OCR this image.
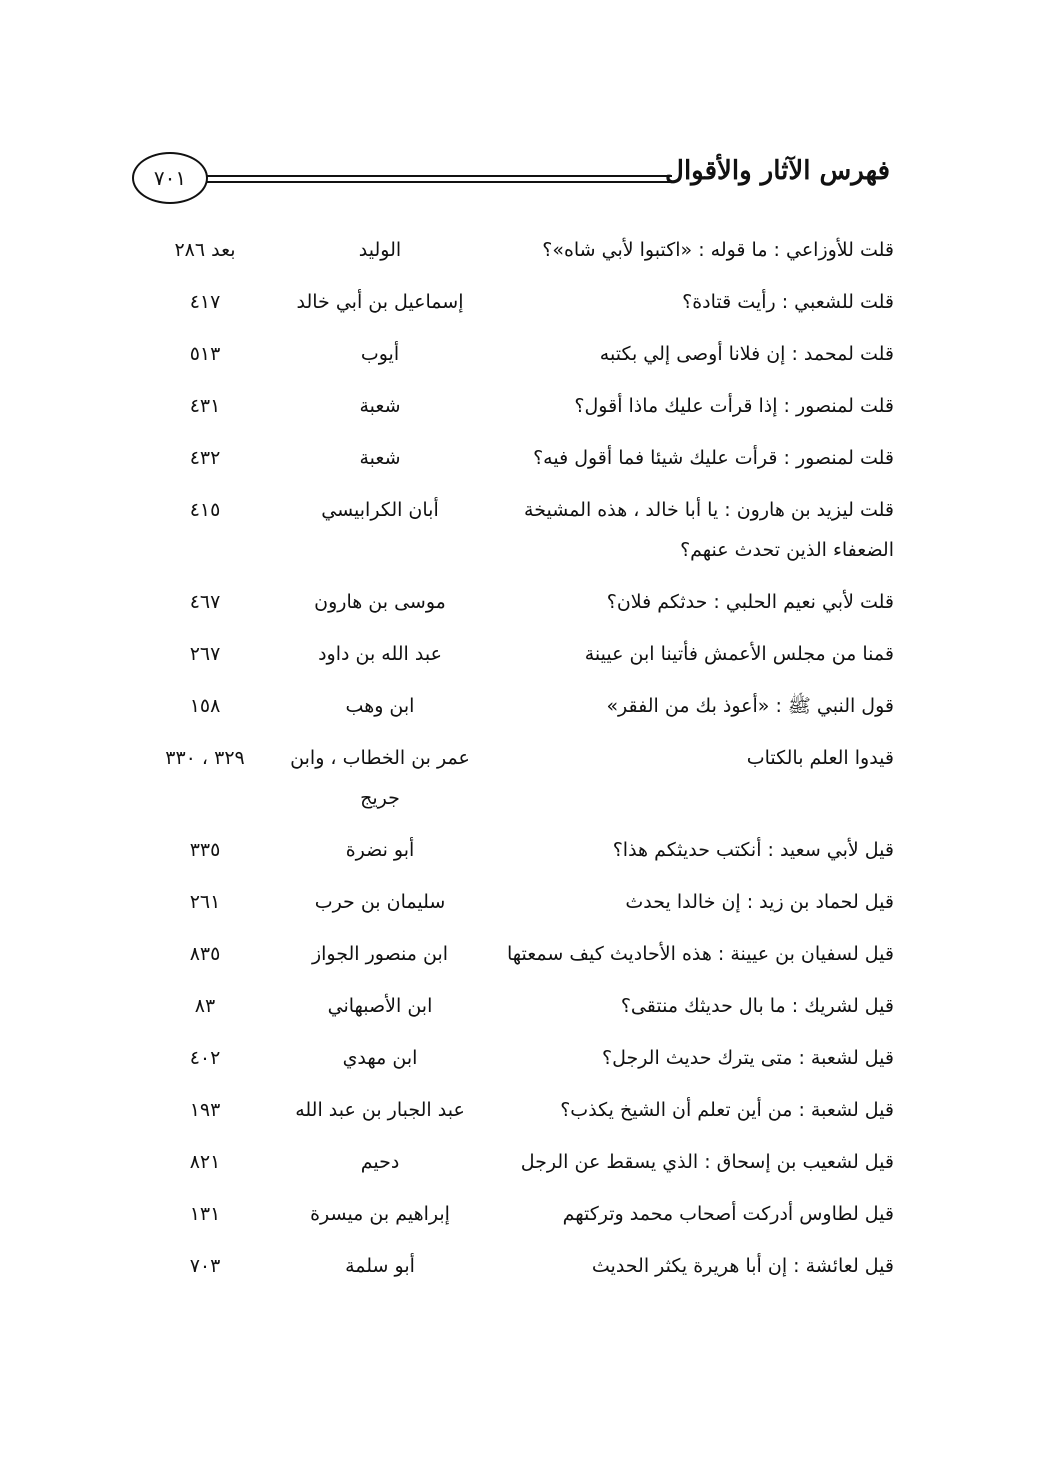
٧٠١	فهرس الآثار والأقوال
قلت للأوزاعي : ما قوله : «اكتبوا لأبي شاه»؟
الوليد
بعد ٢٨٦
قلت للشعبي : رأيت قتادة؟
إسماعيل بن أبي خالد
٤١٧
قلت لمحمد : إن فلانا أوصى إلي بكتبه
أيوب
٥١٣
قلت لمنصور : إذا قرأت عليك ماذا أقول؟
شعبة
٤٣١
قلت لمنصور : قرأت عليك شيئا فما أقول فيه؟
شعبة
٤٣٢
قلت ليزيد بن هارون : يا أبا خالد ، هذه المشيخة الضعفاء الذين تحدث عنهم؟
أبان الكرابيسي
٤١٥
قلت لأبي نعيم الحلبي : حدثكم فلان؟
موسى بن هارون
٤٦٧
قمنا من مجلس الأعمش فأتينا ابن عيينة
عبد الله بن داود
٢٦٧
قول النبي ﷺ : «أعوذ بك من الفقر»
ابن وهب
١٥٨
قيدوا العلم بالكتاب
عمر بن الخطاب ، وابن جريج
٣٢٩ ، ٣٣٠
قيل لأبي سعيد : أنكتب حديثكم هذا؟
أبو نضرة
٣٣٥
قيل لحماد بن زيد : إن خالدا يحدث
سليمان بن حرب
٢٦١
قيل لسفيان بن عيينة : هذه الأحاديث كيف سمعتها
ابن منصور الجواز
٨٣٥
قيل لشريك : ما بال حديثك منتقى؟
ابن الأصبهاني
٨٣
قيل لشعبة : متى يترك حديث الرجل؟
ابن مهدي
٤٠٢
قيل لشعبة : من أين تعلم أن الشيخ يكذب؟
عبد الجبار بن عبد الله
١٩٣
قيل لشعيب بن إسحاق : الذي يسقط عن الرجل
دحيم
٨٢١
قيل لطاوس أدركت أصحاب محمد وتركتهم
إبراهيم بن ميسرة
١٣١
قيل لعائشة : إن أبا هريرة يكثر الحديث
أبو سلمة
٧٠٣
